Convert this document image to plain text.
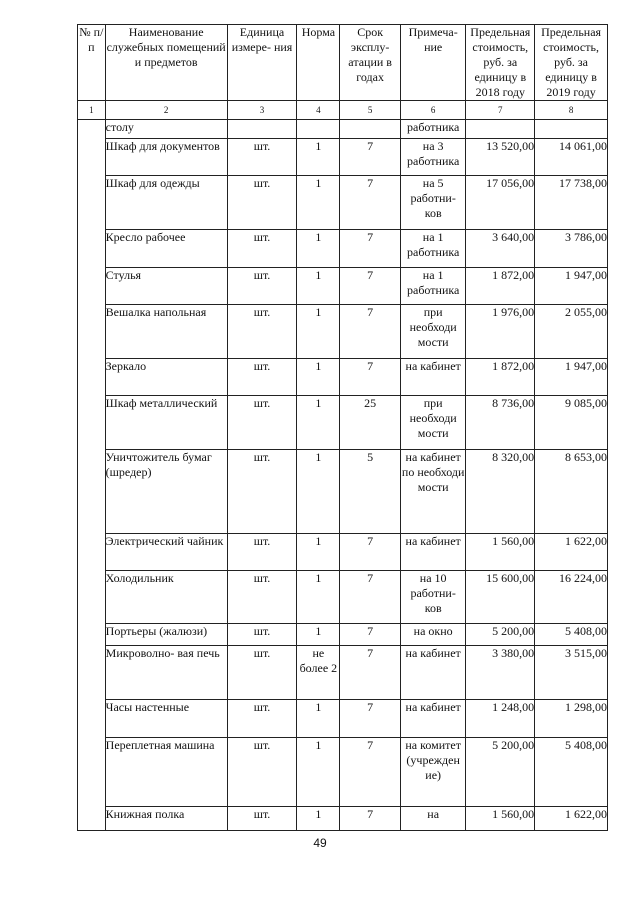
№ п/п	Наименование служебных помещений и предметов	Единица измере- ния	Норма	Срок эксплу- атации в годах	Примеча- ние	Предельная стоимость, руб. за единицу в 2018 году	Предельная стоимость, руб. за единицу в 2019 году
1	2	3	4	5	6	7	8
	столу				работника		
	Шкаф для документов	шт.	1	7	на 3 работника	13 520,00	14 061,00
	Шкаф для одежды	шт.	1	7	на 5 работни- ков	17 056,00	17 738,00
	Кресло рабочее	шт.	1	7	на 1 работника	3 640,00	3 786,00
	Стулья	шт.	1	7	на 1 работника	1 872,00	1 947,00
	Вешалка напольная	шт.	1	7	при необходи мости	1 976,00	2 055,00
	Зеркало	шт.	1	7	на кабинет	1 872,00	1 947,00
	Шкаф металлический	шт.	1	25	при необходи мости	8 736,00	9 085,00
	Уничтожитель бумаг (шредер)	шт.	1	5	на кабинет по необходи мости	8 320,00	8 653,00
	Электрический чайник	шт.	1	7	на кабинет	1 560,00	1 622,00
	Холодильник	шт.	1	7	на 10 работни- ков	15 600,00	16 224,00
	Портьеры (жалюзи)	шт.	1	7	на окно	5 200,00	5 408,00
	Микроволно- вая печь	шт.	не более 2	7	на кабинет	3 380,00	3 515,00
	Часы настенные	шт.	1	7	на кабинет	1 248,00	1 298,00
	Переплетная машина	шт.	1	7	на комитет (учрежден ие)	5 200,00	5 408,00
	Книжная полка	шт.	1	7	на	1 560,00	1 622,00
49
